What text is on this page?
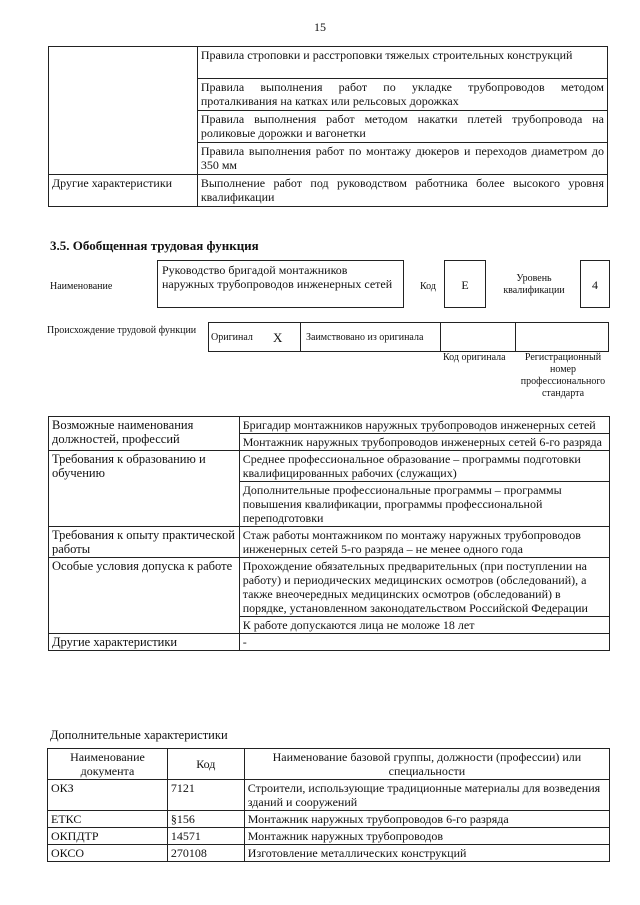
15
	Правила строповки и расстроповки тяжелых строительных конструкций
	Правила выполнения работ по укладке трубопроводов методом проталкивания на катках или рельсовых дорожках
	Правила выполнения работ методом накатки плетей трубопровода на роликовые дорожки и вагонетки
	Правила выполнения работ по монтажу дюкеров и переходов диаметром до 350 мм
Другие характеристики	Выполнение работ под руководством работника более высокого уровня квалификации
3.5. Обобщенная трудовая функция
Наименование
Руководство бригадой монтажников наружных трубопроводов инженерных сетей	Код	Е	Уровень квалификации	4
Происхождение трудовой функции
Оригинал Х Заимствовано из оригинала
Код оригинала	Регистрационный номер профессионального стандарта
Возможные наименования должностей, профессий	Бригадир монтажников наружных трубопроводов инженерных сетей
Монтажник наружных трубопроводов инженерных сетей 6-го разряда

Требования к образованию и обучению	Среднее профессиональное образование – программы подготовки квалифицированных рабочих (служащих)
Дополнительные профессиональные программы – программы повышения квалификации, программы профессиональной переподготовки

Требования к опыту практической работы	Стаж работы монтажником по монтажу наружных трубопроводов инженерных сетей 5-го разряда – не менее одного года
Особые условия допуска к работе	Прохождение обязательных предварительных (при поступлении на работу) и периодических медицинских осмотров (обследований), а также внеочередных медицинских осмотров (обследований) в порядке, установленном законодательством Российской Федерации
К работе допускаются лица не моложе 18 лет

Другие характеристики	-
Дополнительные характеристики
Наименование документа	Код	Наименование базовой группы, должности (профессии) или специальности
ОКЗ	7121	Строители, использующие традиционные материалы для возведения зданий и сооружений
ЕТКС	§156	Монтажник наружных трубопроводов 6-го разряда
ОКПДТР	14571	Монтажник наружных трубопроводов
ОКСО	270108	Изготовление металлических конструкций
